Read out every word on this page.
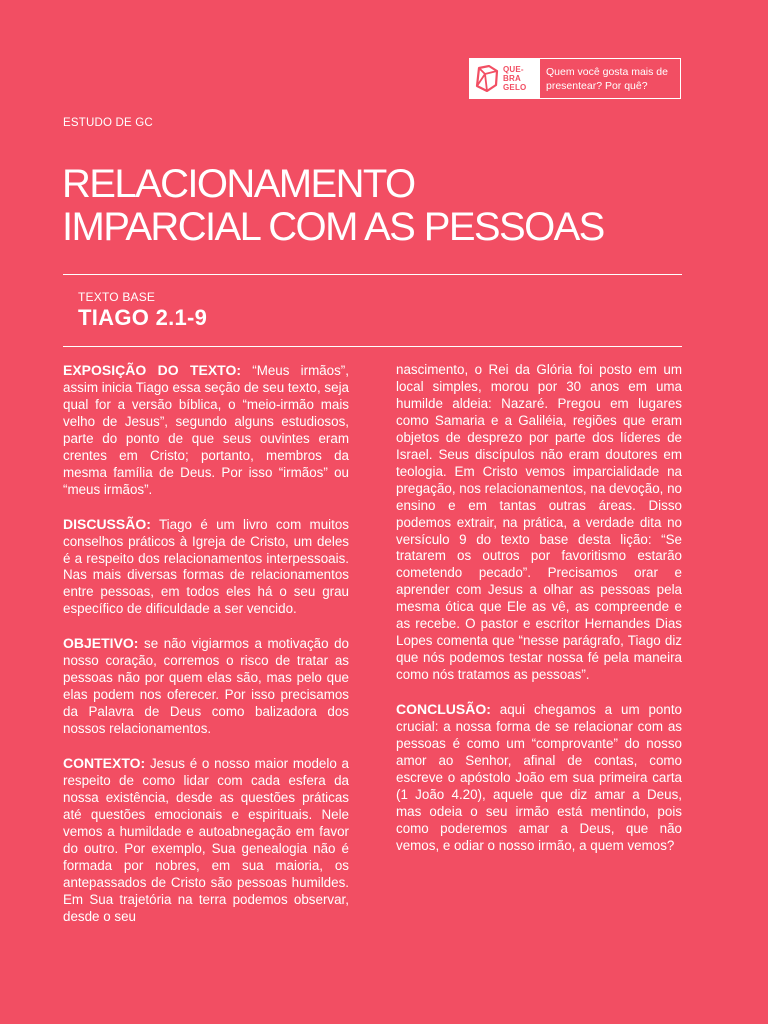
QUE-
BRA
GELO
Quem você gosta mais de presentear? Por quê?
ESTUDO DE GC
RELACIONAMENTO
IMPARCIAL COM AS PESSOAS
TEXTO BASE
TIAGO 2.1-9

EXPOSIÇÃO DO TEXTO: “Meus irmãos”, assim inicia Tiago essa seção de seu texto, seja qual for a versão bíblica, o “meio-irmão mais velho de Jesus”, segundo alguns estudiosos, parte do ponto de que seus ouvintes eram crentes em Cristo; portanto, membros da mesma família de Deus. Por isso “irmãos” ou “meus irmãos”.

DISCUSSÃO: Tiago é um livro com muitos conselhos práticos à Igreja de Cristo, um deles é a respeito dos relacionamentos interpessoais. Nas mais diversas formas de relacionamentos entre pessoas, em todos eles há o seu grau específico de dificuldade a ser vencido.

OBJETIVO: se não vigiarmos a motivação do nosso coração, corremos o risco de tratar as pessoas não por quem elas são, mas pelo que elas podem nos oferecer. Por isso precisamos da Palavra de Deus como balizadora dos nossos relacionamentos.

CONTEXTO: Jesus é o nosso maior modelo a respeito de como lidar com cada esfera da nossa existência, desde as questões práticas até questões emocionais e espirituais. Nele vemos a humildade e autoabnegação em favor do outro. Por exemplo, Sua genealogia não é formada por nobres, em sua maioria, os antepassados de Cristo são pessoas humildes. Em Sua trajetória na terra podemos observar, desde o seu

nascimento, o Rei da Glória foi posto em um local simples, morou por 30 anos em uma humilde aldeia: Nazaré. Pregou em lugares como Samaria e a Galiléia, regiões que eram objetos de desprezo por parte dos líderes de Israel. Seus discípulos não eram doutores em teologia. Em Cristo vemos imparcialidade na pregação, nos relacionamentos, na devoção, no ensino e em tantas outras áreas. Disso podemos extrair, na prática, a verdade dita no versículo 9 do texto base desta lição: “Se tratarem os outros por favoritismo estarão cometendo pecado”. Precisamos orar e aprender com Jesus a olhar as pessoas pela mesma ótica que Ele as vê, as compreende e as recebe. O pastor e escritor Hernandes Dias Lopes comenta que “nesse parágrafo, Tiago diz que nós podemos testar nossa fé pela maneira como nós tratamos as pessoas”.

CONCLUSÃO: aqui chegamos a um ponto crucial: a nossa forma de se relacionar com as pessoas é como um “comprovante” do nosso amor ao Senhor, afinal de contas, como escreve o apóstolo João em sua primeira carta (1 João 4.20), aquele que diz amar a Deus, mas odeia o seu irmão está mentindo, pois como poderemos amar a Deus, que não vemos, e odiar o nosso irmão, a quem vemos?
